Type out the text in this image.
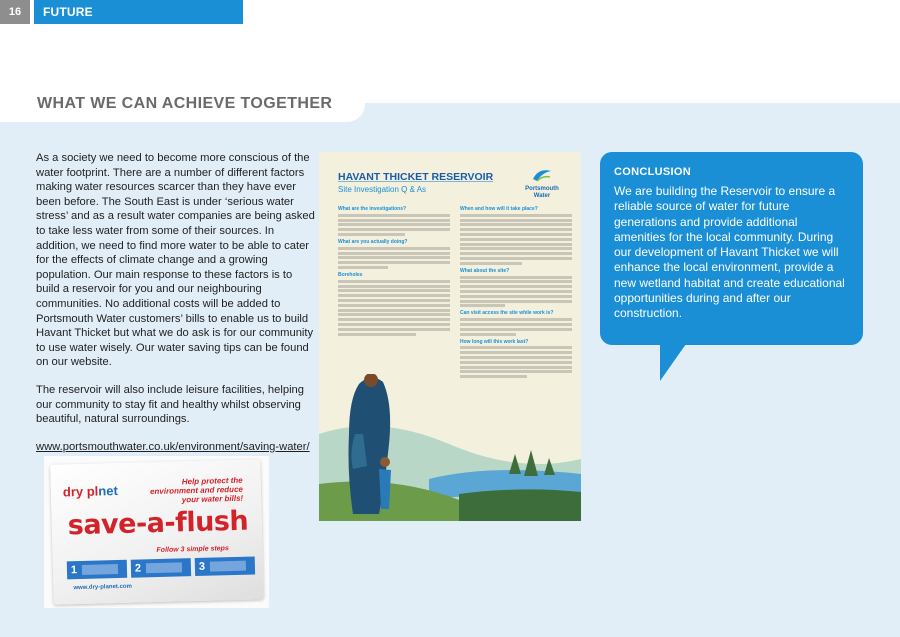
16	FUTURE
WHAT WE CAN ACHIEVE TOGETHER

As a society we need to become more conscious of the water footprint. There are a number of different factors making water resources scarcer than they have ever been before. The South East is under ‘serious water stress’ and as a result water companies are being asked to take less water from some of their sources. In addition, we need to find more water to be able to cater for the effects of climate change and a growing population. Our main response to these factors is to build a reservoir for you and our neighbouring communities. No additional costs will be added to Portsmouth Water customers’ bills to enable us to build Havant Thicket but what we do ask is for our community to use water wisely. Our water saving tips can be found on our website.

The reservoir will also include leisure facilities, helping our community to stay fit and healthy whilst observing beautiful, natural surroundings.

www.portsmouthwater.co.uk/environment/saving-water/

dry plnet
Help protect the environment and reduce your water bills!
save-a-flush
Follow 3 simple steps
1	2	3
www.dry-planet.com
HAVANT THICKET RESERVOIR
Site Investigation Q & As	Portsmouth Water
What are the investigations?
What are you actually doing?
Boreholes
When and how will it take place?
What about the site?
Can visit access the site while work is?
How long will this work last?
CONCLUSION

We are building the Reservoir to ensure a reliable source of water for future generations and provide additional amenities for the local community. During our development of Havant Thicket we will enhance the local environment, provide a new wetland habitat and create educational opportunities during and after our construction.
